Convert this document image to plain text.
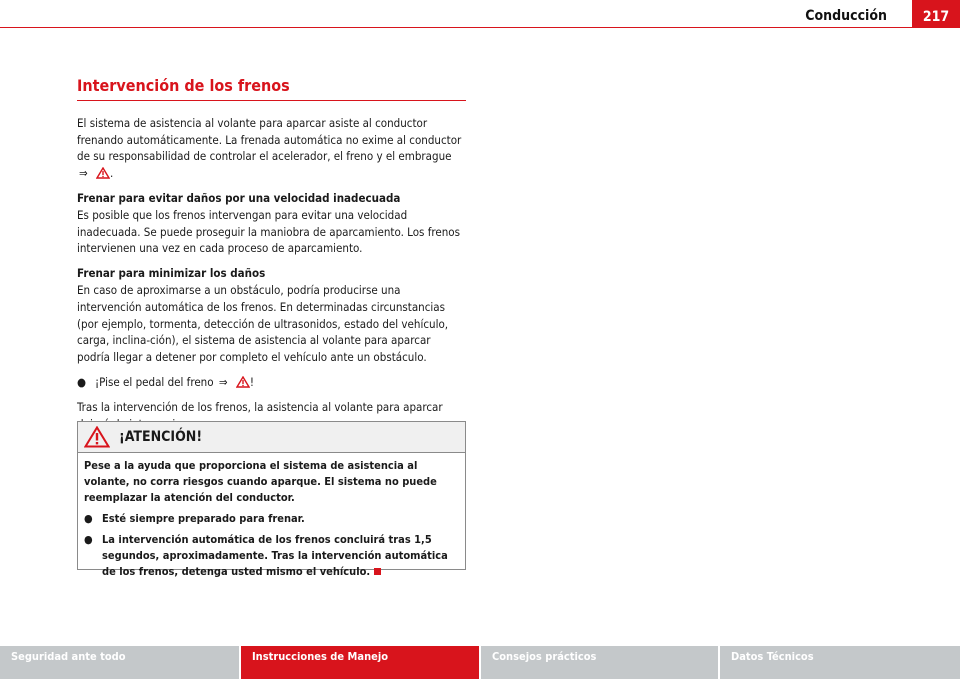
Conducción	217
Intervención de los frenos

El sistema de asistencia al volante para aparcar asiste al conductor frenando automáticamente. La frenada automática no exime al conductor de su responsabilidad de controlar el acelerador, el freno y el embrague ⇒ .

Frenar para evitar daños por una velocidad inadecuada

Es posible que los frenos intervengan para evitar una velocidad inadecuada. Se puede proseguir la maniobra de aparcamiento. Los frenos intervienen una vez en cada proceso de aparcamiento.

Frenar para minimizar los daños

En caso de aproximarse a un obstáculo, podría producirse una intervención automática de los frenos. En determinadas circunstancias (por ejemplo, tormenta, detección de ultrasonidos, estado del vehículo, carga, inclina-ción), el sistema de asistencia al volante para aparcar podría llegar a detener por completo el vehículo ante un obstáculo.

● ¡Pise el pedal del freno ⇒ !

Tras la intervención de los frenos, la asistencia al volante para aparcar

¡ATENCIÓN!

Pese a la ayuda que proporciona el sistema de asistencia al volante, no corra riesgos cuando aparque. El sistema no puede reemplazar la atención del conductor.

● Esté siempre preparado para frenar.

● La intervención automática de los frenos concluirá tras 1,5 segundos, aproximadamente. Tras la intervención automática de los frenos, detenga usted mismo el vehículo.

Seguridad ante todo	Instrucciones de Manejo	Consejos prácticos	Datos Técnicos
